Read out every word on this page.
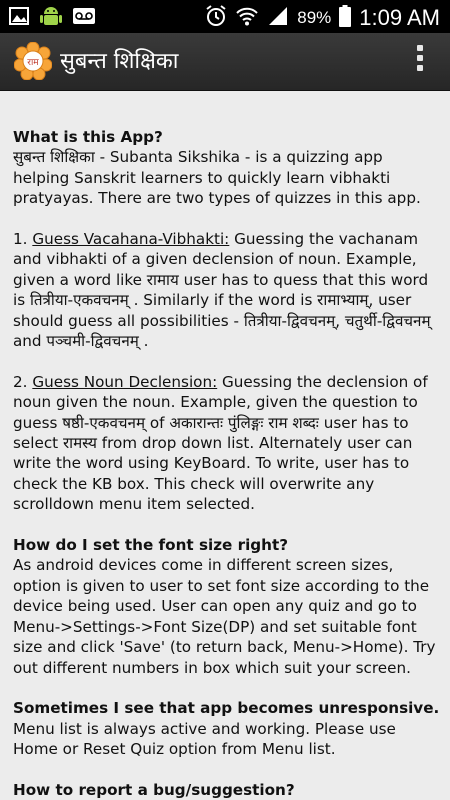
89% 1:09 AM
राम सुबन्त शिक्षिका
What is this App?
सुबन्त शिक्षिका - Subanta Sikshika - is a quizzing app helping Sanskrit learners to quickly learn vibhakti pratyayas. There are two types of quizzes in this app.

1. Guess Vacahana-Vibhakti: Guessing the vachanam and vibhakti of a given declension of noun. Example, given a word like रामाय user has to quess that this word is तित्रीया-एकवचनम् . Similarly if the word is रामाभ्याम्, user should guess all possibilities - तित्रीया-द्विवचनम्, चतुर्थी-द्विवचनम् and पञ्चमी-द्विवचनम् .
2. Guess Noun Declension: Guessing the declension of noun given the noun. Example, given the question to guess षष्ठी-एकवचनम् of अकारान्तः पुंलिङ्गः राम शब्दः user has to select रामस्य from drop down list. Alternately user can write the word using KeyBoard. To write, user has to check the KB box. This check will overwrite any scrolldown menu item selected.
How do I set the font size right?
As android devices come in different screen sizes, option is given to user to set font size according to the device being used. User can open any quiz and go to Menu->Settings->Font Size(DP) and set suitable font size and click 'Save' (to return back, Menu->Home). Try out different numbers in box which suit your screen.
Sometimes I see that app becomes unresponsive.
Menu list is always active and working. Please use Home or Reset Quiz option from Menu list.
How to report a bug/suggestion?
